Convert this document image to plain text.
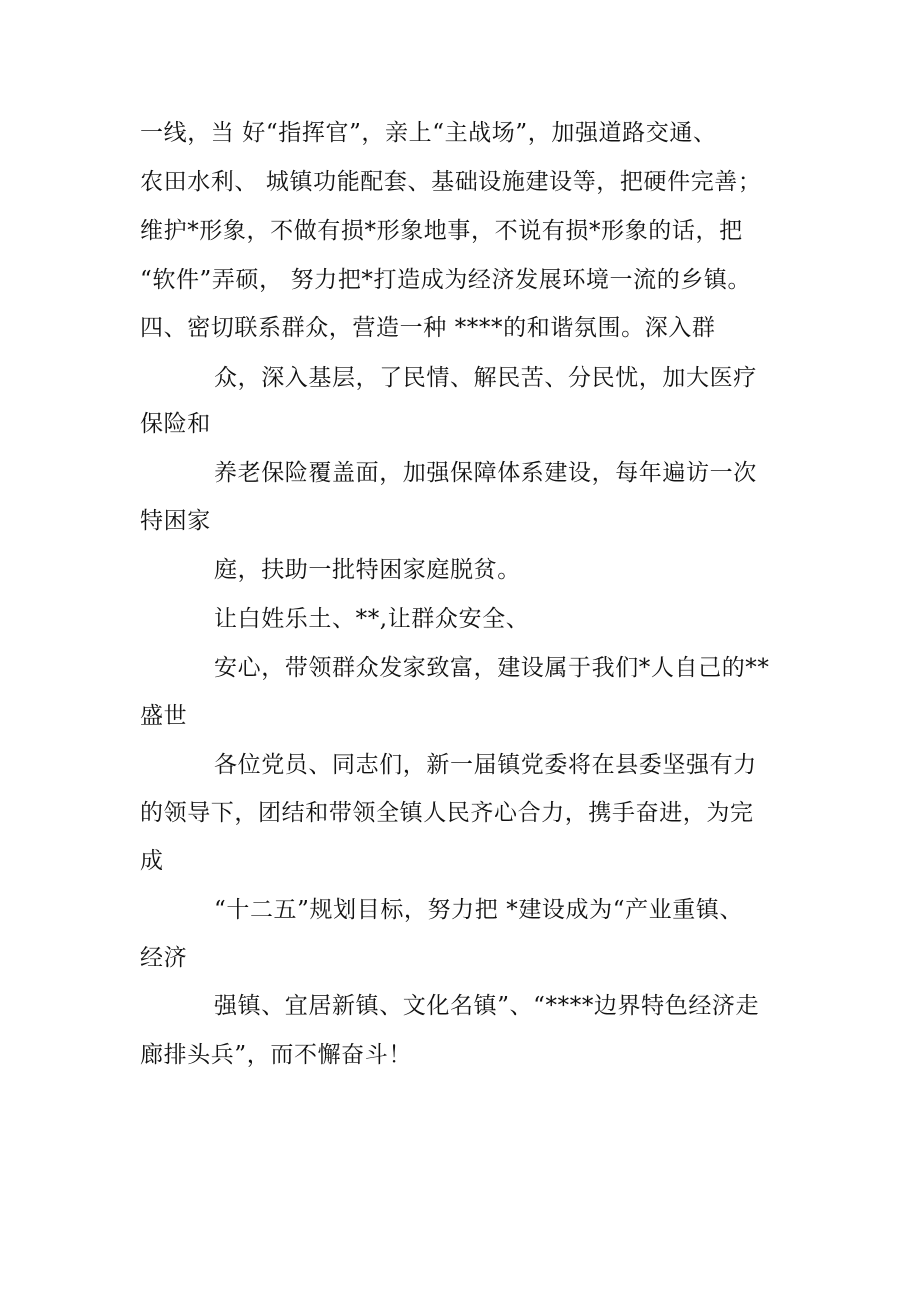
一线，当 好“指挥官”，亲上“主战场”，加强道路交通、
农田水利、 城镇功能配套、基础设施建设等，把硬件完善；
维护*形象，不做有损*形象地事，不说有损*形象的话，把
“软件”弄硕， 努力把*打造成为经济发展环境一流的乡镇。
四、密切联系群众，营造一种 ****的和谐氛围。深入群
众，深入基层，了民情、解民苦、分民忧，加大医疗
保险和
养老保险覆盖面，加强保障体系建设，每年遍访一次
特困家
庭，扶助一批特困家庭脱贫。
让白姓乐土、**,让群众安全、
安心，带领群众发家致富，建设属于我们*人自己的**
盛世
各位党员、同志们，新一届镇党委将在县委坚强有力
的领导下，团结和带领全镇人民齐心合力，携手奋进，为完
成
“十二五”规划目标，努力把 *建设成为“产业重镇、
经济
强镇、宜居新镇、文化名镇”、“****边界特色经济走
廊排头兵”，而不懈奋斗！
